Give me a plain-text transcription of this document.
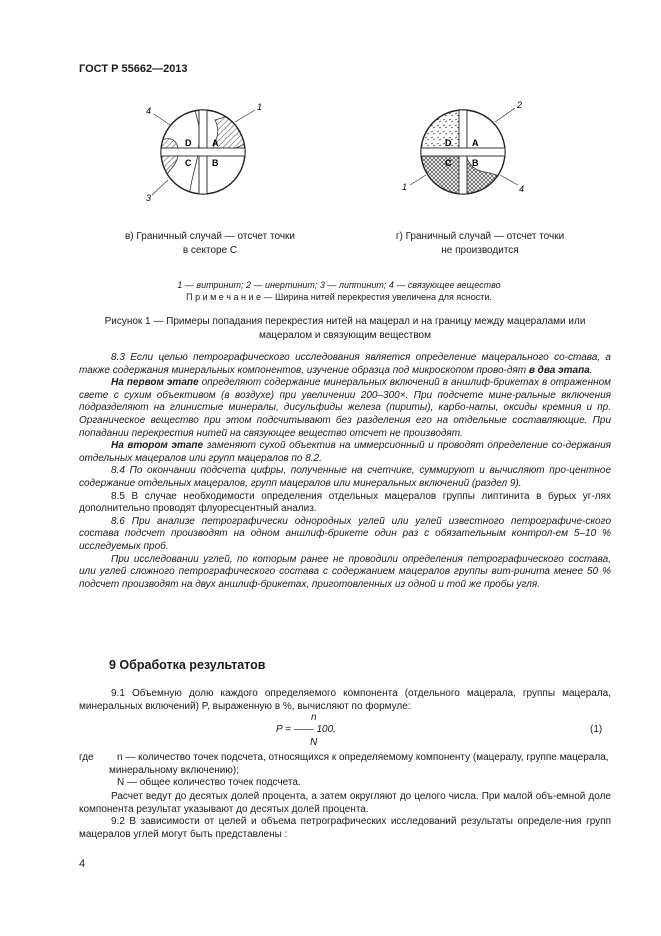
ГОСТ Р 55662—2013
D A
C B
4	1
3
D A
C B
2
1	4
в) Граничный случай — отсчет точки
в секторе С
г) Граничный случай — отсчет точки
не производится
1 — витринит; 2 — инертинит; 3 — липтинит; 4 — связующее вещество
П р и м е ч а н и е — Ширина нитей перекрестия увеличена для ясности.
Рисунок 1 — Примеры попадания перекрестия нитей на мацерал и на границу между мацералами или
мацералом и связующим веществом

8.3 Если целью петрографического исследования является определение мацерального со-става, а также содержания минеральных компонентов, изучение образца под микроскопом прово-дят в два этапа.

На первом этапе определяют содержание минеральных включений в аншлиф-брикетах в отраженном свете с сухим объективом (в воздухе) при увеличении 200–300×. При подсчете мине-ральные включения подразделяют на глинистые минералы, дисульфиды железа (пириты), карбо-наты, оксиды кремния и пр. Органическое вещество при этом подсчитывают без разделения его на отдельные составляющие. При попадании перекрестия нитей на связующее вещество отсчет не производят.

На втором этапе заменяют сухой объектив на иммерсионный и проводят определение со-держания отдельных мацералов или групп мацералов по 8.2.

8.4 По окончании подсчета цифры, полученные на счетчике, суммируют и вычисляют про-центное содержание отдельных мацералов, групп мацералов или минеральных включений (раздел 9).

8.5 В случае необходимости определения отдельных мацералов группы липтинита в бурых уг-лях дополнительно проводят флуоресцентный анализ.

8.6 При анализе петрографически однородных углей или углей известного петрографиче-ского состава подсчет производят на одном аншлиф-брикете один раз с обязательным контрол-ем 5–10 % исследуемых проб.

При исследовании углей, по которым ранее не проводили определения петрографического состава, или углей сложного петрографического состава с содержанием мацералов группы вит-ринита менее 50 % подсчет производят на двух аншлиф-брикетах, приготовленных из одной и той же пробы угля.

9 Обработка результатов

9.1 Объемную долю каждого определяемого компонента (отдельного мацерала, группы мацерала, минеральных включений) P, выраженную в %, вычисляют по формуле:

n
P = —— 100,
N
(1)
где	n — количество точек подсчета, относящихся к определяемому компоненту (мацералу, группе мацерала, минеральному включению);
N — общее количество точек подсчета.

Расчет ведут до десятых долей процента, а затем округляют до целого числа. При малой объ-емной доле компонента результат указывают до десятых долей процента.

9.2 В зависимости от целей и объема петрографических исследований результаты определе-ния групп мацералов углей могут быть представлены :

4
